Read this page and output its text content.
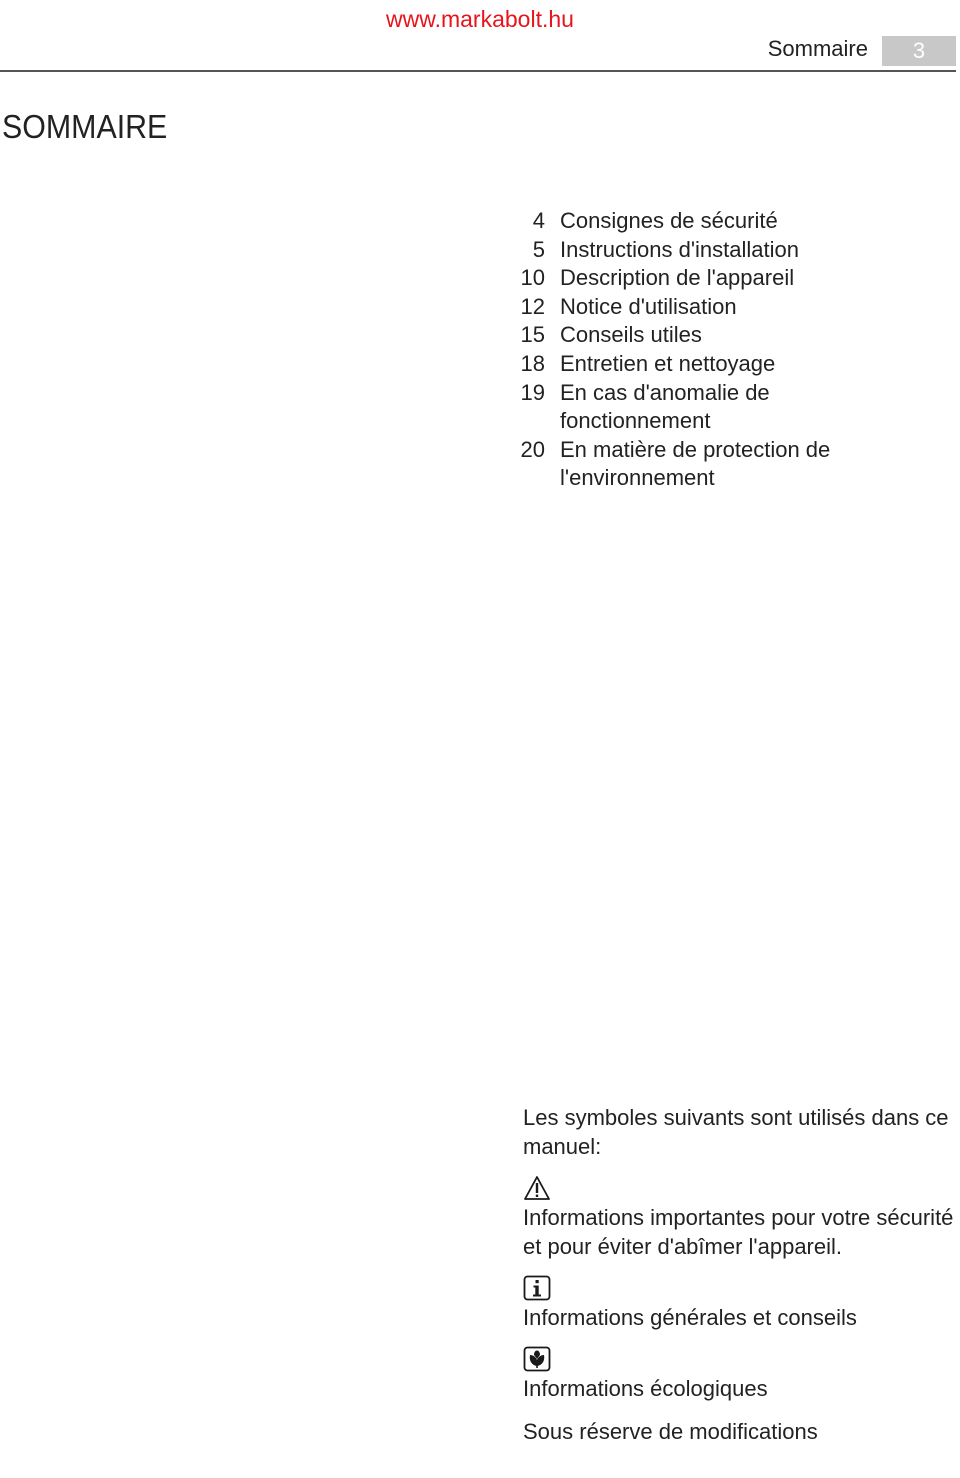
www.markabolt.hu
Sommaire	3
SOMMAIRE
4 Consignes de sécurité
5 Instructions d'installation
10 Description de l'appareil
12 Notice d'utilisation
15 Conseils utiles
18 Entretien et nettoyage
19 En cas d'anomalie de fonctionnement
20 En matière de protection de l'environnement

Les symboles suivants sont utilisés dans ce manuel:

Informations importantes pour votre sécurité et pour éviter d'abîmer l'appareil.

Informations générales et conseils

Informations écologiques

Sous réserve de modifications
